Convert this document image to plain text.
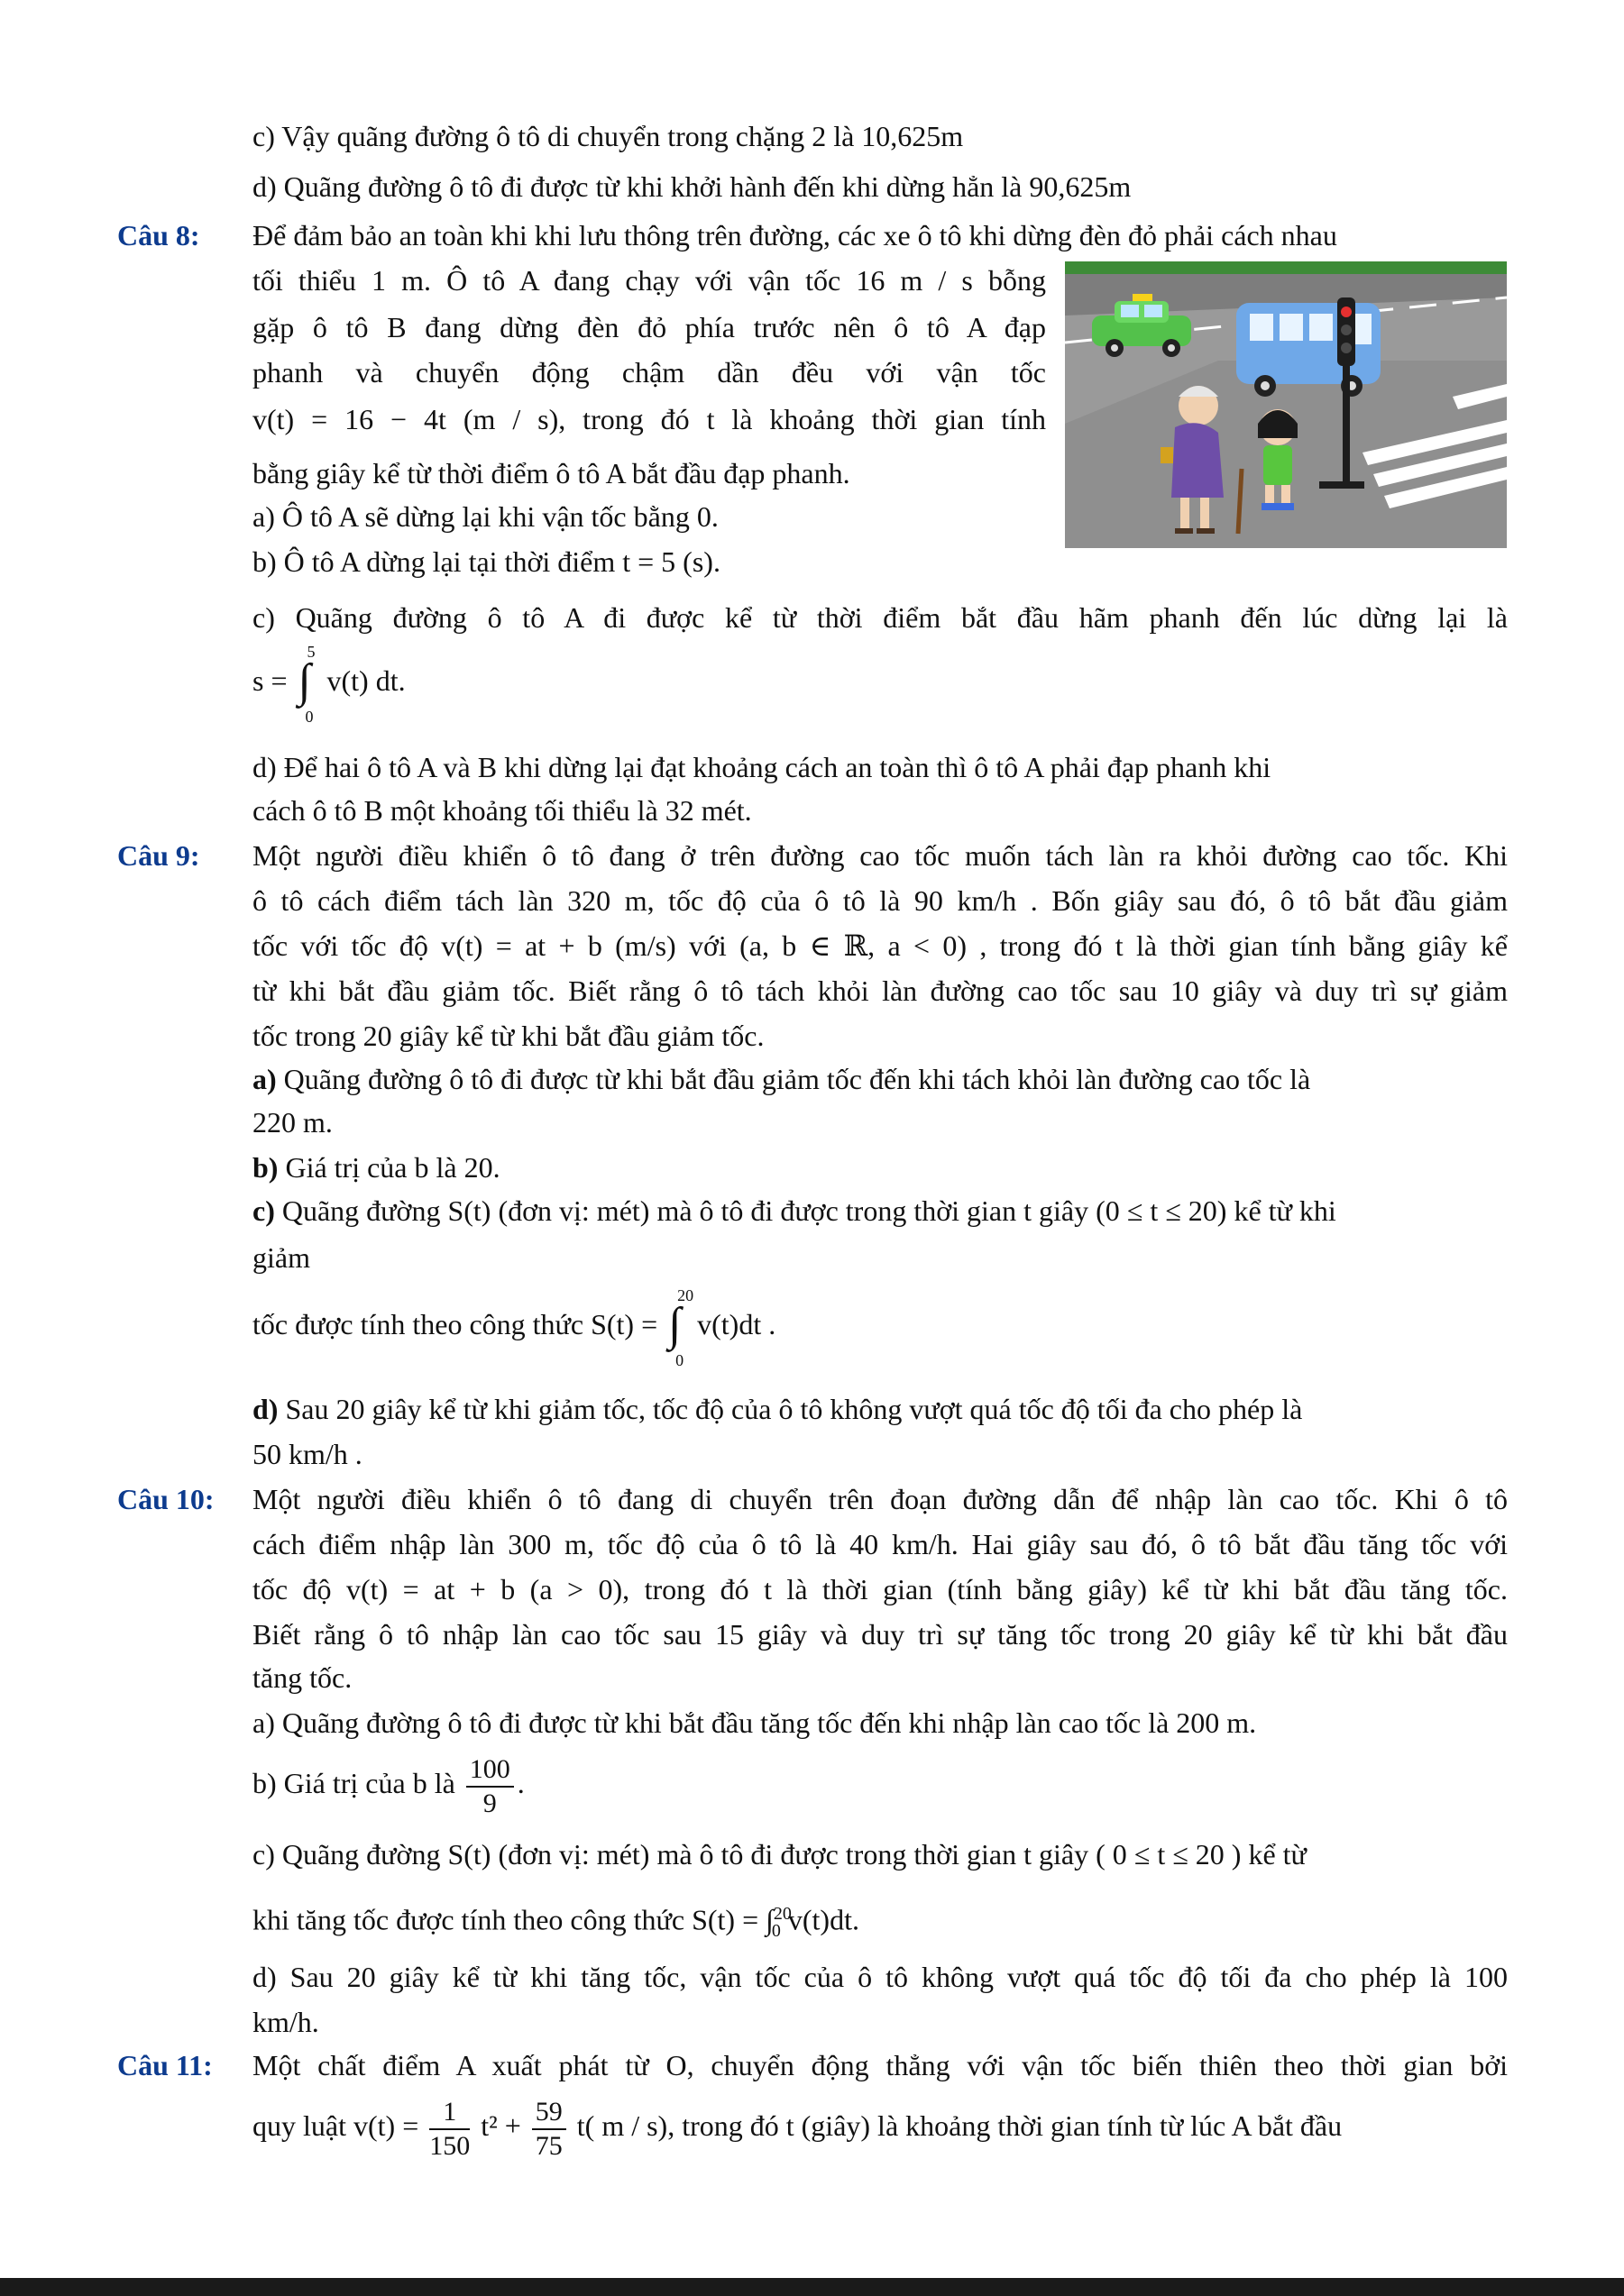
c) Vậy quãng đường ô tô di chuyển trong chặng 2 là 10,625m
d) Quãng đường ô tô đi được từ khi khởi hành đến khi dừng hẳn là 90,625m
Câu 8: Để đảm bảo an toàn khi khi lưu thông trên đường, các xe ô tô khi dừng đèn đỏ phải cách nhau
tối thiểu 1 m. Ô tô A đang chạy với vận tốc 16 m / s bỗng
gặp ô tô B đang dừng đèn đỏ phía trước nên ô tô A đạp
phanh và chuyển động chậm dần đều với vận tốc
v(t) = 16 − 4t (m / s), trong đó t là khoảng thời gian tính
bằng giây kể từ thời điểm ô tô A bắt đầu đạp phanh.
a) Ô tô A sẽ dừng lại khi vận tốc bằng 0.
b) Ô tô A dừng lại tại thời điểm t = 5 (s).
c) Quãng đường ô tô A đi được kể từ thời điểm bắt đầu hãm phanh đến lúc dừng lại là
s = ∫
5
0
v(t) dt.
d) Để hai ô tô A và B khi dừng lại đạt khoảng cách an toàn thì ô tô A phải đạp phanh khi
cách ô tô B một khoảng tối thiểu là 32 mét.
Câu 9: Một người điều khiển ô tô đang ở trên đường cao tốc muốn tách làn ra khỏi đường cao tốc. Khi
ô tô cách điểm tách làn 320 m, tốc độ của ô tô là 90 km/h . Bốn giây sau đó, ô tô bắt đầu giảm
tốc với tốc độ v(t) = at + b (m/s) với (a, b ∈ ℝ, a < 0) , trong đó t là thời gian tính bằng giây kể
từ khi bắt đầu giảm tốc. Biết rằng ô tô tách khỏi làn đường cao tốc sau 10 giây và duy trì sự giảm
tốc trong 20 giây kể từ khi bắt đầu giảm tốc.
a) Quãng đường ô tô đi được từ khi bắt đầu giảm tốc đến khi tách khỏi làn đường cao tốc là
220 m.
b) Giá trị của b là 20.
c) Quãng đường S(t) (đơn vị: mét) mà ô tô đi được trong thời gian t giây (0 ≤ t ≤ 20) kể từ khi
giảm
tốc được tính theo công thức S(t) = ∫
20
0
v(t)dt .
d) Sau 20 giây kể từ khi giảm tốc, tốc độ của ô tô không vượt quá tốc độ tối đa cho phép là
50 km/h .
Câu 10: Một người điều khiển ô tô đang di chuyển trên đoạn đường dẫn để nhập làn cao tốc. Khi ô tô
cách điểm nhập làn 300 m, tốc độ của ô tô là 40 km/h. Hai giây sau đó, ô tô bắt đầu tăng tốc với
tốc độ v(t) = at + b (a > 0), trong đó t là thời gian (tính bằng giây) kể từ khi bắt đầu tăng tốc.
Biết rằng ô tô nhập làn cao tốc sau 15 giây và duy trì sự tăng tốc trong 20 giây kể từ khi bắt đầu
tăng tốc.
a) Quãng đường ô tô đi được từ khi bắt đầu tăng tốc đến khi nhập làn cao tốc là 200 m.
b) Giá trị của b là $\frac{100}{9}$ .
c) Quãng đường S(t) (đơn vị: mét) mà ô tô đi được trong thời gian t giây ( 0 ≤ t ≤ 20 ) kể từ
khi tăng tốc được tính theo công thức S(t) = ∫$^{20}_0$ v(t)dt.
d) Sau 20 giây kể từ khi tăng tốc, vận tốc của ô tô không vượt quá tốc độ tối đa cho phép là 100
km/h.
Câu 11: Một chất điểm A xuất phát từ O, chuyển động thẳng với vận tốc biến thiên theo thời gian bởi
quy luật $v(t) = \frac{1}{150} t^2 + \frac{59}{75} t$( m / s), trong đó t (giây) là khoảng thời gian tính từ lúc A bắt đầu
